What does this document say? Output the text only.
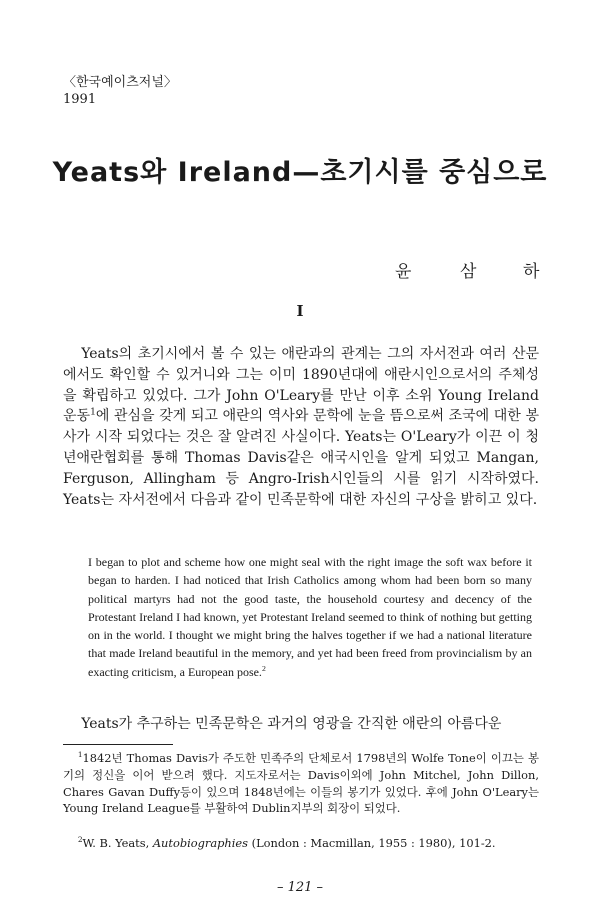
〈한국예이츠저널〉
1991
Yeats와 Ireland—초기시를 중심으로
윤	삼	하
I

Yeats의 초기시에서 볼 수 있는 애란과의 관계는 그의 자서전과 여러 산문에서도 확인할 수 있거니와 그는 이미 1890년대에 애란시인으로서의 주체성을 확립하고 있었다. 그가 John O'Leary를 만난 이후 소위 Young Ireland 운동$^1$에 관심을 갖게 되고 애란의 역사와 문학에 눈을 뜸으로써 조국에 대한 봉사가 시작 되었다는 것은 잘 알려진 사실이다. Yeats는 O'Leary가 이끈 이 청년애란협회를 통해 Thomas Davis같은 애국시인을 알게 되었고 Mangan, Ferguson, Allingham 등 Angro-Irish시인들의 시를 읽기 시작하였다. Yeats는 자서전에서 다음과 같이 민족문학에 대한 자신의 구상을 밝히고 있다.

I began to plot and scheme how one might seal with the right image the soft wax before it began to harden. I had noticed that Irish Catholics among whom had been born so many political martyrs had not the good taste, the household courtesy and decency of the Protestant Ireland I had known, yet Protestant Ireland seemed to think of nothing but getting on in the world. I thought we might bring the halves together if we had a national literature that made Ireland beautiful in the memory, and yet had been freed from provincialism by an exacting criticism, a European pose.$^2$

Yeats가 추구하는 민족문학은 과거의 영광을 간직한 애란의 아름다운

$^1$1842년 Thomas Davis가 주도한 민족주의 단체로서 1798년의 Wolfe Tone이 이끄는 봉기의 정신을 이어 받으려 했다. 지도자로서는 Davis이외에 John Mitchel, John Dillon, Chares Gavan Duffy등이 있으며 1848년에는 이들의 봉기가 있었다. 후에 John O'Leary는 Young Ireland League를 부활하여 Dublin지부의 회장이 되었다.

$^2$W. B. Yeats, Autobiographies (London : Macmillan, 1955 : 1980), 101-2.

– 121 –
